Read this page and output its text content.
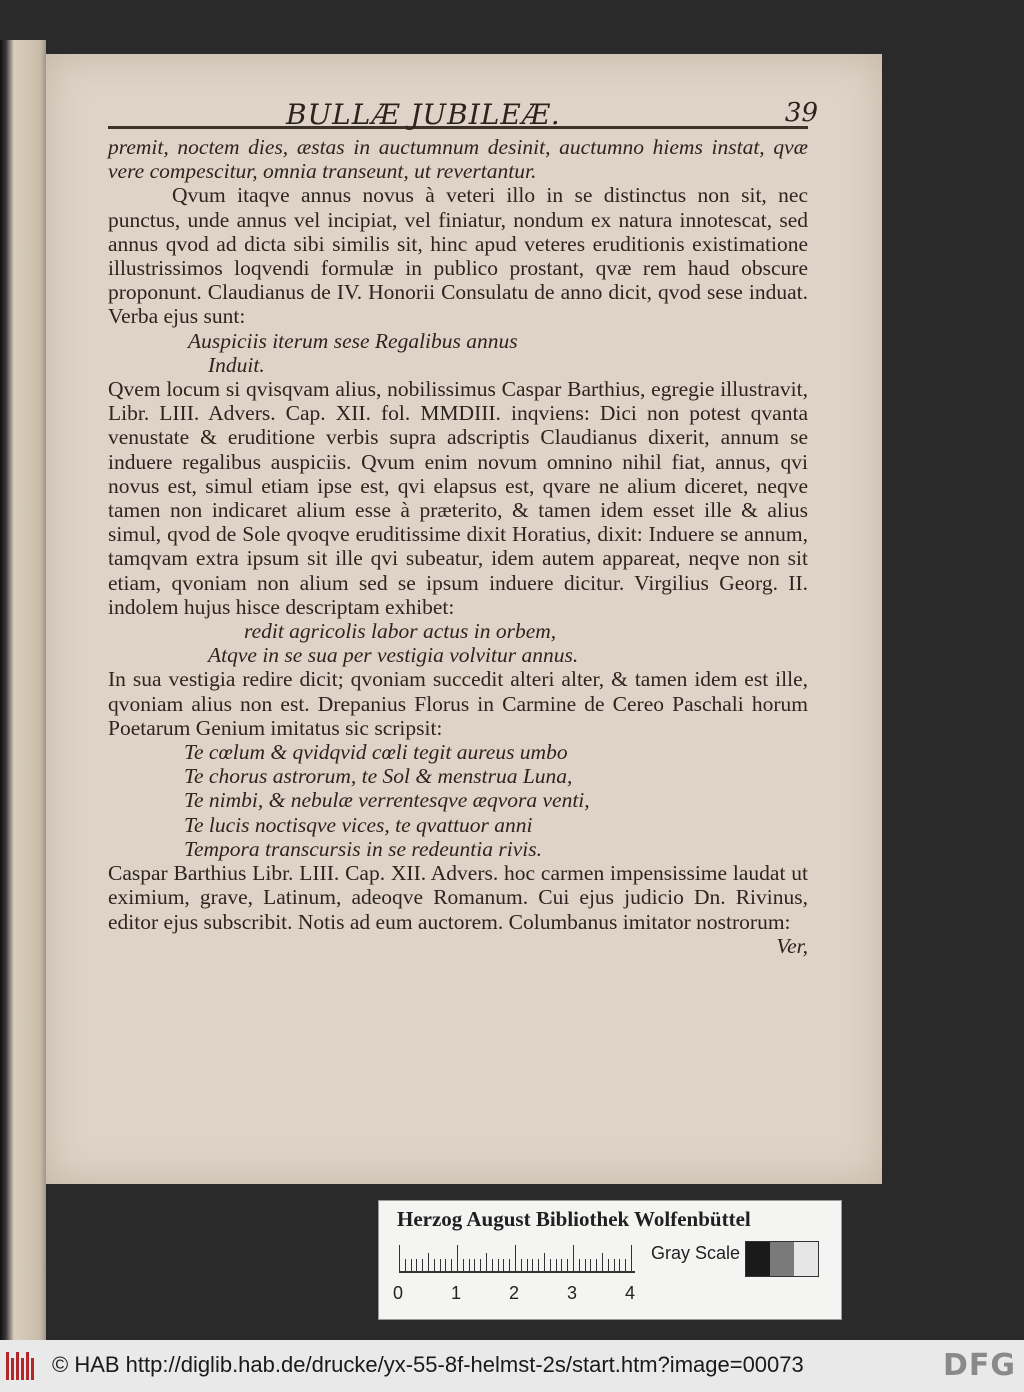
BULLÆ JUBILEÆ.	39

premit, noctem dies, æstas in auctumnum desinit, auctumno hiems instat, qvæ vere compescitur, omnia transeunt, ut revertantur.

Qvum itaqve annus novus à veteri illo in se distinctus non sit, nec punctus, unde annus vel incipiat, vel finiatur, nondum ex natura innotescat, sed annus qvod ad dicta sibi similis sit, hinc apud veteres eruditionis existimatione illustrissimos loqvendi formulæ in publico prostant, qvæ rem haud obscure proponunt. Claudianus de IV. Honorii Consulatu de anno dicit, qvod sese induat. Verba ejus sunt:

Auspiciis iterum sese Regalibus annus

Induit.

Qvem locum si qvisqvam alius, nobilissimus Caspar Barthius, egregie illustravit, Libr. LIII. Advers. Cap. XII. fol. MMDIII. inqviens: Dici non potest qvanta venustate & eruditione verbis supra adscriptis Claudianus dixerit, annum se induere regalibus auspiciis. Qvum enim novum omnino nihil fiat, annus, qvi novus est, simul etiam ipse est, qvi elapsus est, qvare ne alium diceret, neqve tamen non indicaret alium esse à præterito, & tamen idem esset ille & alius simul, qvod de Sole qvoqve eruditissime dixit Horatius, dixit: Induere se annum, tamqvam extra ipsum sit ille qvi subeatur, idem autem appareat, neqve non sit etiam, qvoniam non alium sed se ipsum induere dicitur. Virgilius Georg. II. indolem hujus hisce descriptam exhibet:

redit agricolis labor actus in orbem,

Atqve in se sua per vestigia volvitur annus.

In sua vestigia redire dicit; qvoniam succedit alteri alter, & tamen idem est ille, qvoniam alius non est. Drepanius Florus in Carmine de Cereo Paschali horum Poetarum Genium imitatus sic scripsit:

Te cœlum & qvidqvid cœli tegit aureus umbo

Te chorus astrorum, te Sol & menstrua Luna,

Te nimbi, & nebulæ verrentesqve æqvora venti,

Te lucis noctisqve vices, te qvattuor anni

Tempora transcursis in se redeuntia rivis.

Caspar Barthius Libr. LIII. Cap. XII. Advers. hoc carmen impensissime laudat ut eximium, grave, Latinum, adeoqve Romanum. Cui ejus judicio Dn. Rivinus, editor ejus subscribit. Notis ad eum auctorem. Columbanus imitator nostrorum:

Ver,

Herzog August Bibliothek Wolfenbüttel
0	1	2	3	4
Gray Scale
© HAB http://diglib.hab.de/drucke/yx-55-8f-helmst-2s/start.htm?image=00073	DFG
